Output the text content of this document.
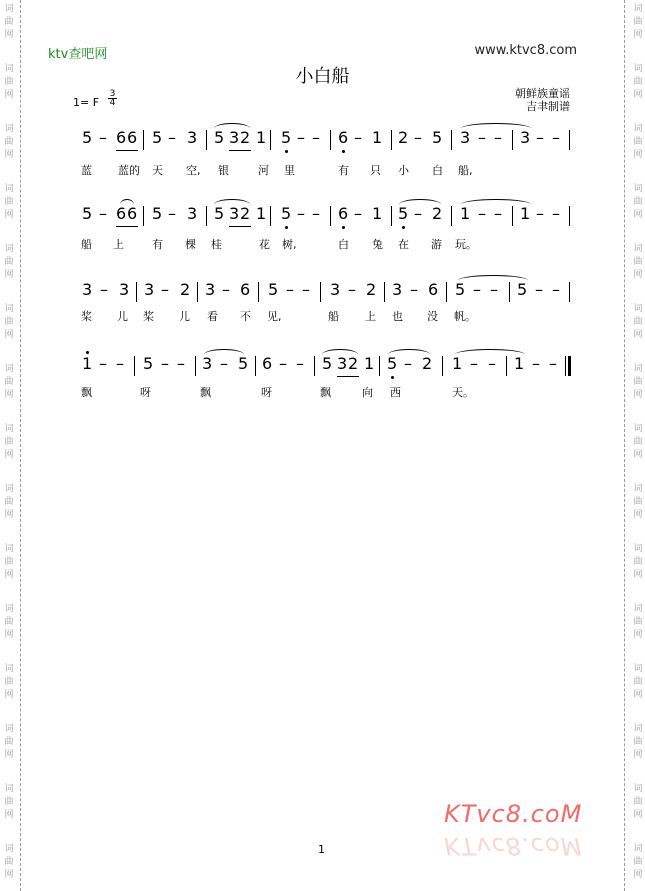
词
曲
网
词
曲
网
词
曲
网
词
曲
网
词
曲
网
词
曲
网
词
曲
网
词
曲
网
词
曲
网
词
曲
网
词
曲
网
词
曲
网
词
曲
网
词
曲
网
词
曲
网
词
曲
网
词
曲
网
词
曲
网
词
曲
网
词
曲
网
词
曲
网
词
曲
网
词
曲
网
词
曲
网
词
曲
网
词
曲
网
词
曲
网
词
曲
网
词
曲
网
词
曲
网
ktv查吧网	www.ktvc8.com
小白船
朝鲜族童谣
吉聿制谱
1= F
3
4
5 – 6 6 5 – 3 5 3 2 1 5 – – 6 – 1 2 – 5 3 – – 3 – –
蓝 蓝的 天 空, 银	河 里	有 只 小 白 船,
5 – 6 6 5 – 3 5 3 2 1 5 – – 6 – 1 5 – 2 1 – – 1 – –
船 上	有 棵 桂	花 树,	白 兔 在 游 玩。
3 – 3 3 – 2 3 – 6 5 – – 3 – 2 3 – 6 5 – – 5 – –
桨 儿 桨 儿 看 不 见,	船 上 也 没 帆。
1 – – 5 – – 3 – 5 6 – – 5 3 2 1 5 – 2 1 – – 1 – –
飘	呀	飘	呀	飘	向 西	天。
KTvc8.coM
KTvc8.coM
1
